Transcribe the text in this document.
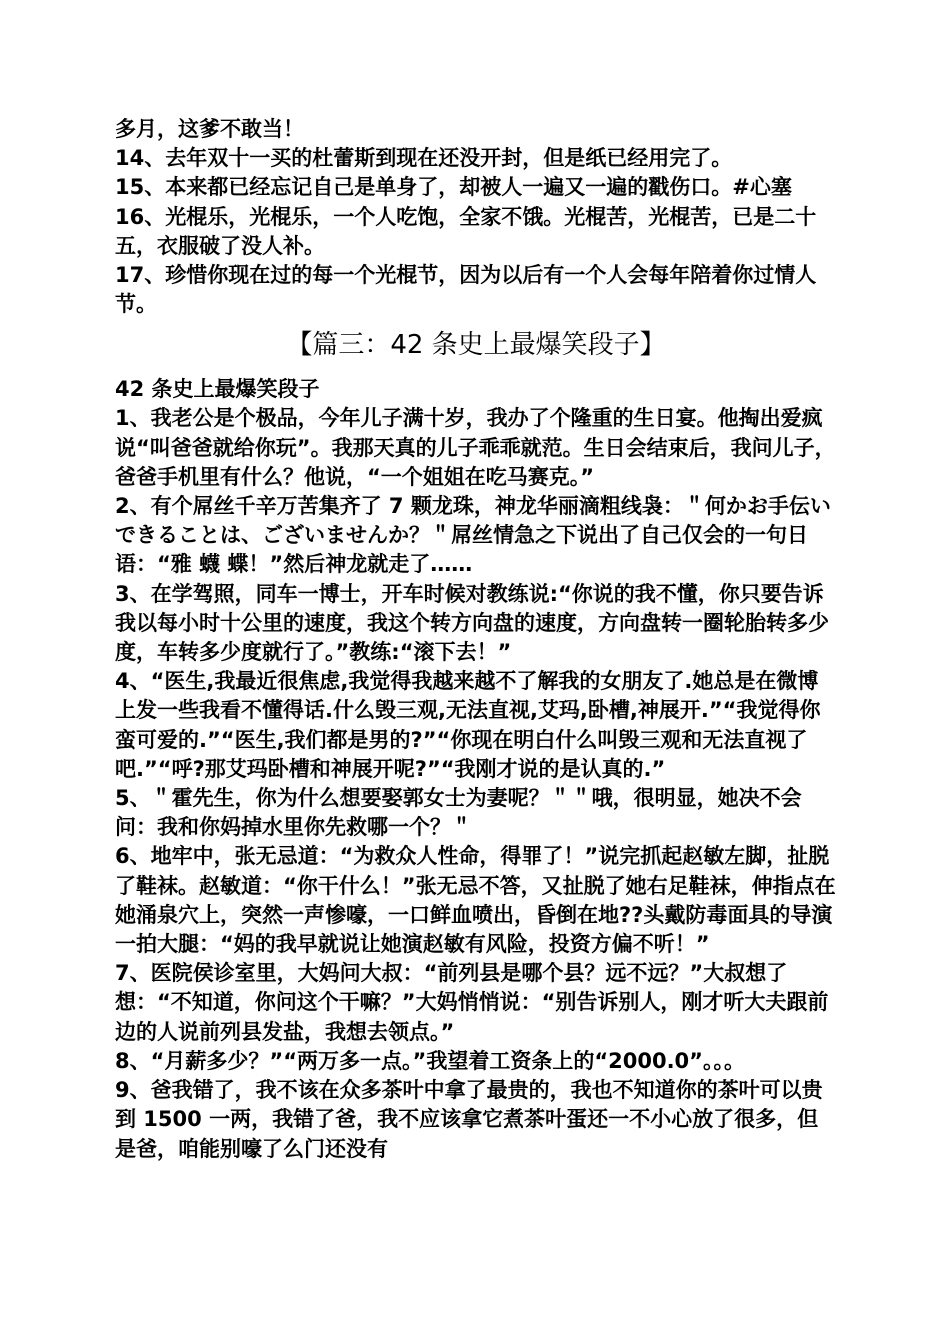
多月，这爹不敢当！

14、去年双十一买的杜蕾斯到现在还没开封，但是纸已经用完了。

15、本来都已经忘记自己是单身了，却被人一遍又一遍的戳伤口。#心塞

16、光棍乐，光棍乐，一个人吃饱，全家不饿。光棍苦，光棍苦，已是二十五，衣服破了没人补。

17、珍惜你现在过的每一个光棍节，因为以后有一个人会每年陪着你过情人节。

【篇三：42 条史上最爆笑段子】

42 条史上最爆笑段子

1、我老公是个极品，今年儿子满十岁，我办了个隆重的生日宴。他掏出爱疯说“叫爸爸就给你玩”。我那天真的儿子乖乖就范。生日会结束后，我问儿子，爸爸手机里有什么？他说，“一个姐姐在吃马赛克。”

2、有个屌丝千辛万苦集齐了 7 颗龙珠，神龙华丽滴粗线袅：＂何かお手伝いできることは、ございませんか？＂屌丝情急之下说出了自己仅会的一句日语：“雅 蠛 蝶！”然后神龙就走了……

3、在学驾照，同车一博士，开车时候对教练说:“你说的我不懂，你只要告诉我以每小时十公里的速度，我这个转方向盘的速度，方向盘转一圈轮胎转多少度，车转多少度就行了。”教练:“滚下去！”

4、“医生,我最近很焦虑,我觉得我越来越不了解我的女朋友了.她总是在微博上发一些我看不懂得话.什么毁三观,无法直视,艾玛,卧槽,神展开.”“我觉得你蛮可爱的.”“医生,我们都是男的?”“你现在明白什么叫毁三观和无法直视了吧.”“呼?那艾玛卧槽和神展开呢?”“我刚才说的是认真的.”

5、＂霍先生，你为什么想要娶郭女士为妻呢？＂＂哦，很明显，她决不会问：我和你妈掉水里你先救哪一个？＂

6、地牢中，张无忌道：“为救众人性命，得罪了！”说完抓起赵敏左脚，扯脱了鞋袜。赵敏道：“你干什么！”张无忌不答，又扯脱了她右足鞋袜，伸指点在她涌泉穴上，突然一声惨嚎，一口鲜血喷出，昏倒在地??头戴防毒面具的导演一拍大腿：“妈的我早就说让她演赵敏有风险，投资方偏不听！”

7、医院侯诊室里，大妈问大叔：“前列县是哪个县？远不远？”大叔想了想：“不知道，你问这个干嘛？”大妈悄悄说：“别告诉别人，刚才听大夫跟前边的人说前列县发盐，我想去领点。”

8、“月薪多少？”“两万多一点。”我望着工资条上的“2000.0”。。。

9、爸我错了，我不该在众多茶叶中拿了最贵的，我也不知道你的茶叶可以贵到 1500 一两，我错了爸，我不应该拿它煮茶叶蛋还一不小心放了很多，但是爸，咱能别嚎了么门还没有
